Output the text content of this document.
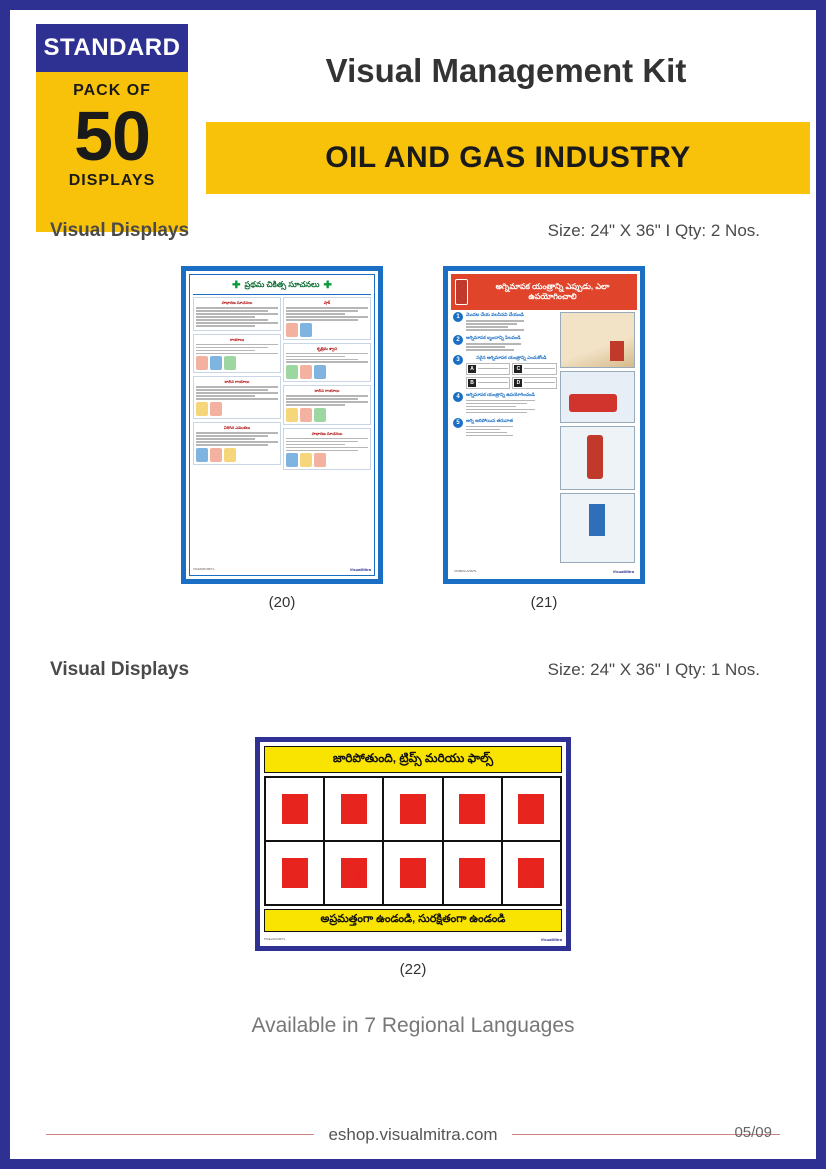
PACK OF
50
DISPLAYS
STANDARD
Visual Management Kit
OIL AND GAS INDUSTRY
Visual Displays	Size: 24" X 36" I Qty: 2 Nos.
✚ ప్రథమ చికిత్స సూచనలు ✚
సాధారణ సూచనలు
గాయాలు
కాలిన గాయాలు
విరిగిన ఎముకలు
షాక్
కృత్రిమ శ్వాస
కాలిన గాయాలు
సాధారణ సూచనలు
VS/FAMK/06/TL	VisualMitra
(20)
అగ్నిమాపక యంత్రాన్ని ఎప్పుడు, ఎలా ఉపయోగించాలి
1	మొదట చేయ వలసినవి చేయండి
2	అగ్నిమాపక బృందాన్ని పిలవండి
3	సరైన అగ్నిమాపక యంత్రాన్ని ఎంచుకోండి
A	C
B	D
4	అగ్నిమాపక యంత్రాన్ని ఉపయోగించండి
5	అగ్ని ఆరిపోయిన తరువాత
VS/8004-A/36/TL	VisualMitra
(21)
Visual Displays	Size: 24" X 36" I Qty: 1 Nos.
జారిపోతుంది, ట్రిప్స్ మరియు ఫాల్స్
అప్రమత్తంగా ఉండండి, సురక్షితంగా ఉండండి
PS/EA/02/36/TL	VisualMitra
(22)
Available in 7 Regional Languages
eshop.visualmitra.com	05/09
